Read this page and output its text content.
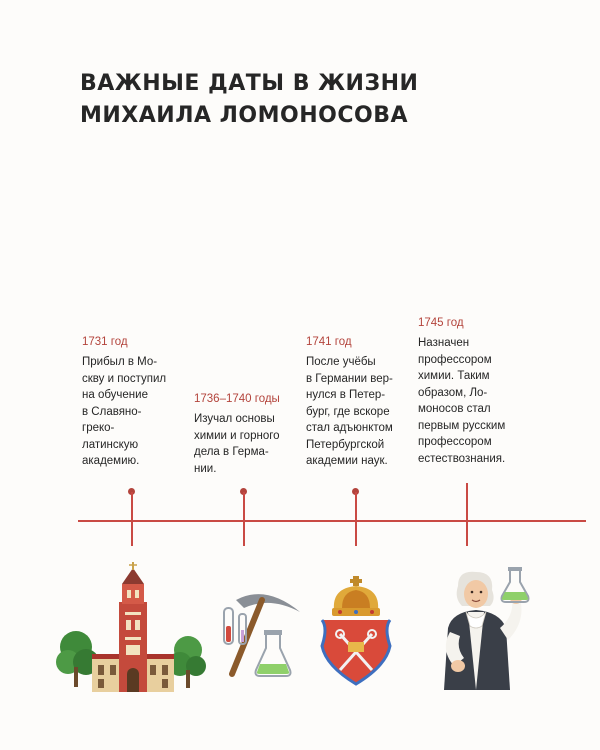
ВАЖНЫЕ ДАТЫ В ЖИЗНИ
МИХАИЛА ЛОМОНОСОВА
1731 год
Прибыл в Мо-
скву и поступил
на обучение
в Славяно-
греко-
латинскую
академию.
1736–1740 годы
Изучал основы
химии и горного
дела в Герма-
нии.
1741 год
После учёбы
в Германии вер-
нулся в Петер-
бург, где вскоре
стал адъюнктом
Петербургской
академии наук.
1745 год
Назначен
профессором
химии. Таким
образом, Ло-
моносов стал
первым русским
профессором
естествознания.
